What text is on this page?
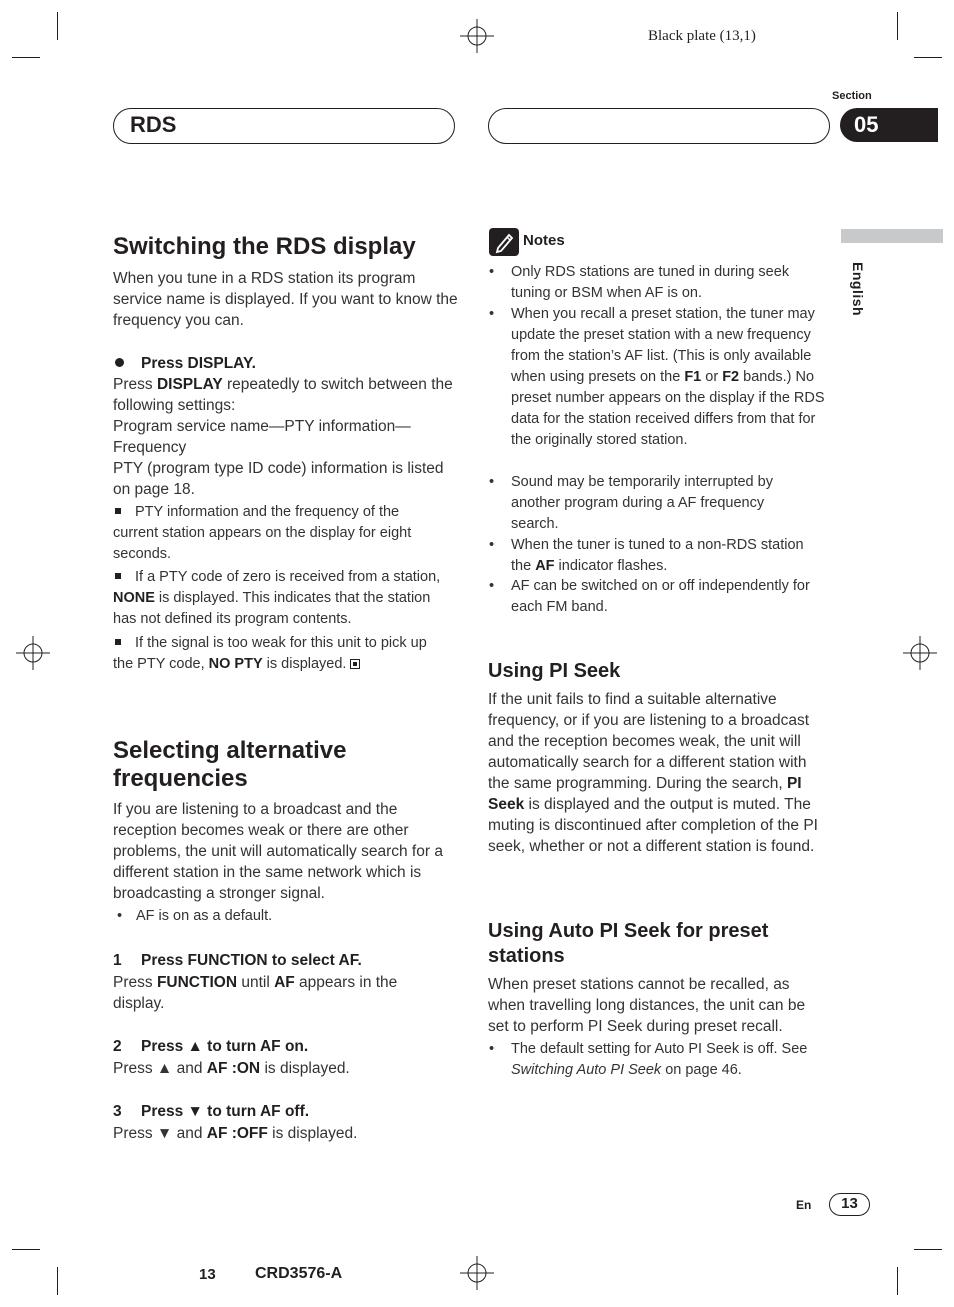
Black plate (13,1)
RDS
Section
05
English
Switching the RDS display

When you tune in a RDS station its program service name is displayed. If you want to know the frequency you can.

Press DISPLAY.

Press DISPLAY repeatedly to switch between the following settings:
Program service name—PTY information—Frequency
PTY (program type ID code) information is listed on page 18.

PTY information and the frequency of the current station appears on the display for eight seconds.

If a PTY code of zero is received from a station, NONE is displayed. This indicates that the station has not defined its program contents.

If the signal is too weak for this unit to pick up the PTY code, NO PTY is displayed.

Selecting alternative frequencies

If you are listening to a broadcast and the reception becomes weak or there are other problems, the unit will automatically search for a different station in the same network which is broadcasting a stronger signal.

• AF is on as a default.
1 Press FUNCTION to select AF.

Press FUNCTION until AF appears in the display.

2 Press ▲ to turn AF on.

Press ▲ and AF :ON is displayed.

3 Press ▼ to turn AF off.

Press ▼ and AF :OFF is displayed.

Notes
• Only RDS stations are tuned in during seek tuning or BSM when AF is on.
• When you recall a preset station, the tuner may update the preset station with a new frequency from the station’s AF list. (This is only available when using presets on the F1 or F2 bands.) No preset number appears on the display if the RDS data for the station received differs from that for the originally stored station.
• Sound may be temporarily interrupted by another program during a AF frequency search.
• When the tuner is tuned to a non-RDS station the AF indicator flashes.
• AF can be switched on or off independently for each FM band.
Using PI Seek

If the unit fails to find a suitable alternative frequency, or if you are listening to a broadcast and the reception becomes weak, the unit will automatically search for a different station with the same programming. During the search, PI Seek is displayed and the output is muted. The muting is discontinued after completion of the PI seek, whether or not a different station is found.

Using Auto PI Seek for preset stations

When preset stations cannot be recalled, as when travelling long distances, the unit can be set to perform PI Seek during preset recall.

• The default setting for Auto PI Seek is off. See Switching Auto PI Seek on page 46.
En	13
13 CRD3576-A
